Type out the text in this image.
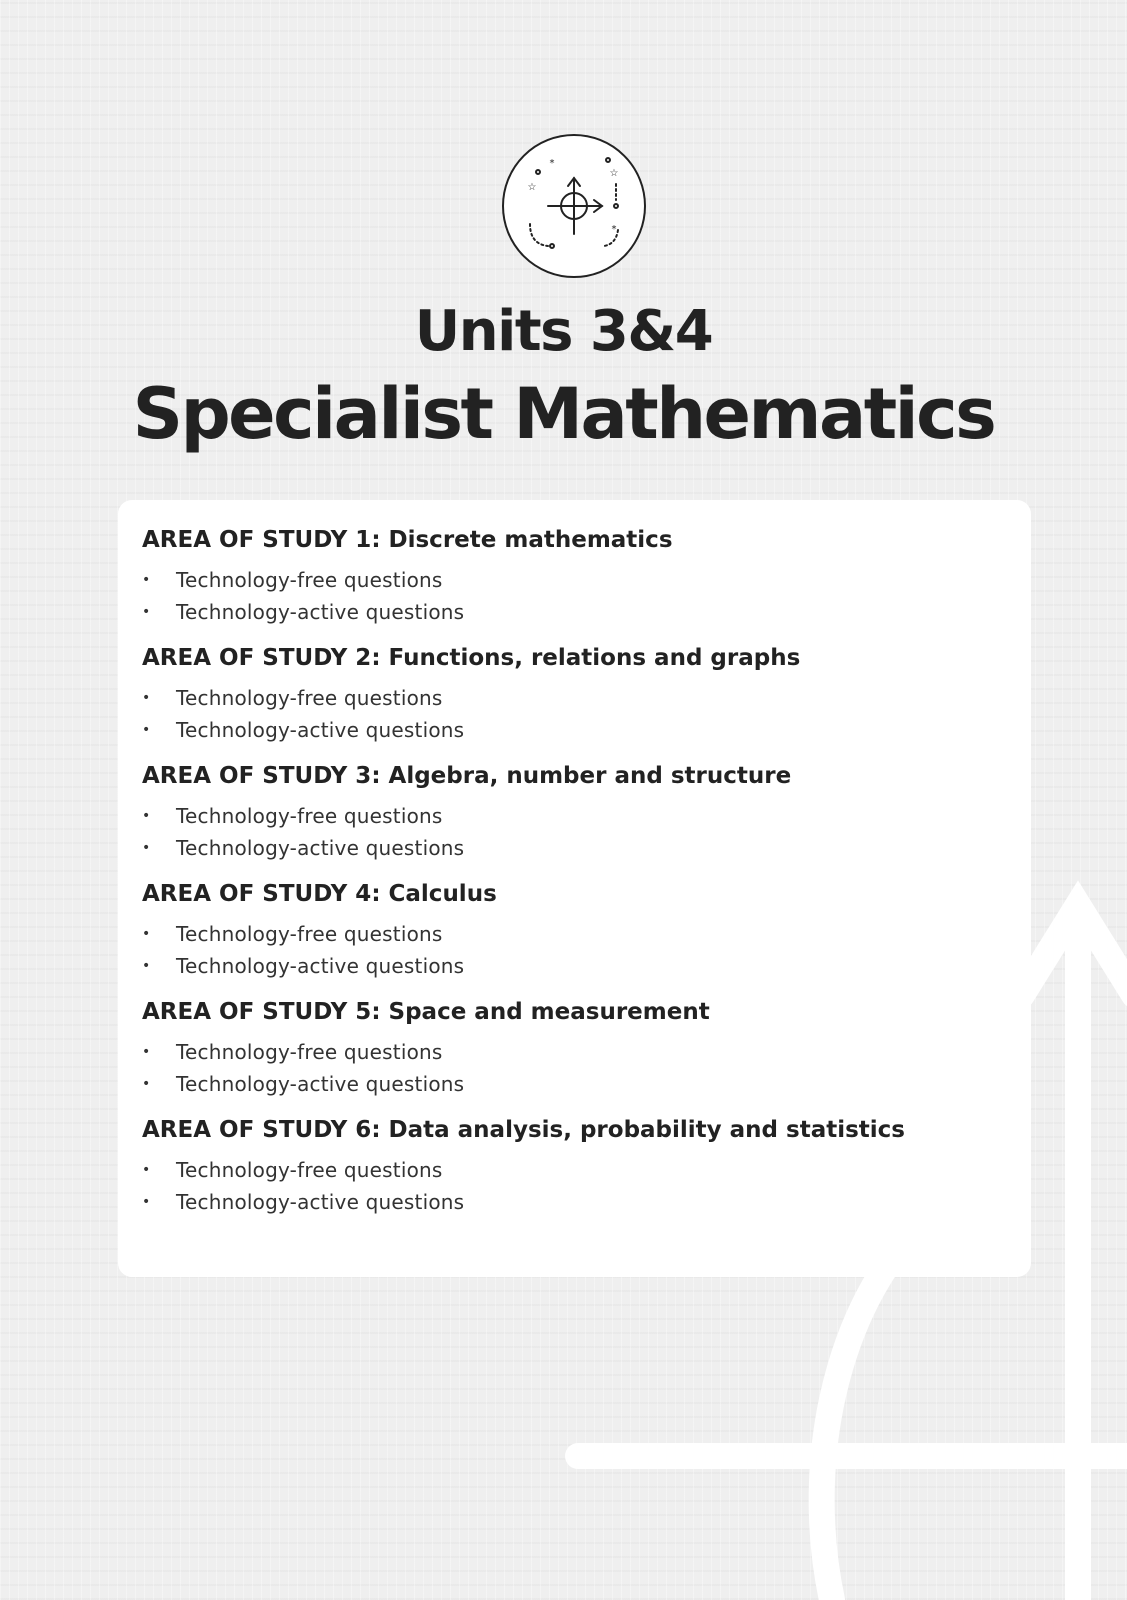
*
☆
☆
*
Units 3&4
Specialist Mathematics
AREA OF STUDY 1: Discrete mathematics
• Technology-free questions
• Technology-active questions
AREA OF STUDY 2: Functions, relations and graphs
• Technology-free questions
• Technology-active questions
AREA OF STUDY 3: Algebra, number and structure
• Technology-free questions
• Technology-active questions
AREA OF STUDY 4: Calculus
• Technology-free questions
• Technology-active questions
AREA OF STUDY 5: Space and measurement
• Technology-free questions
• Technology-active questions
AREA OF STUDY 6: Data analysis, probability and statistics
• Technology-free questions
• Technology-active questions
